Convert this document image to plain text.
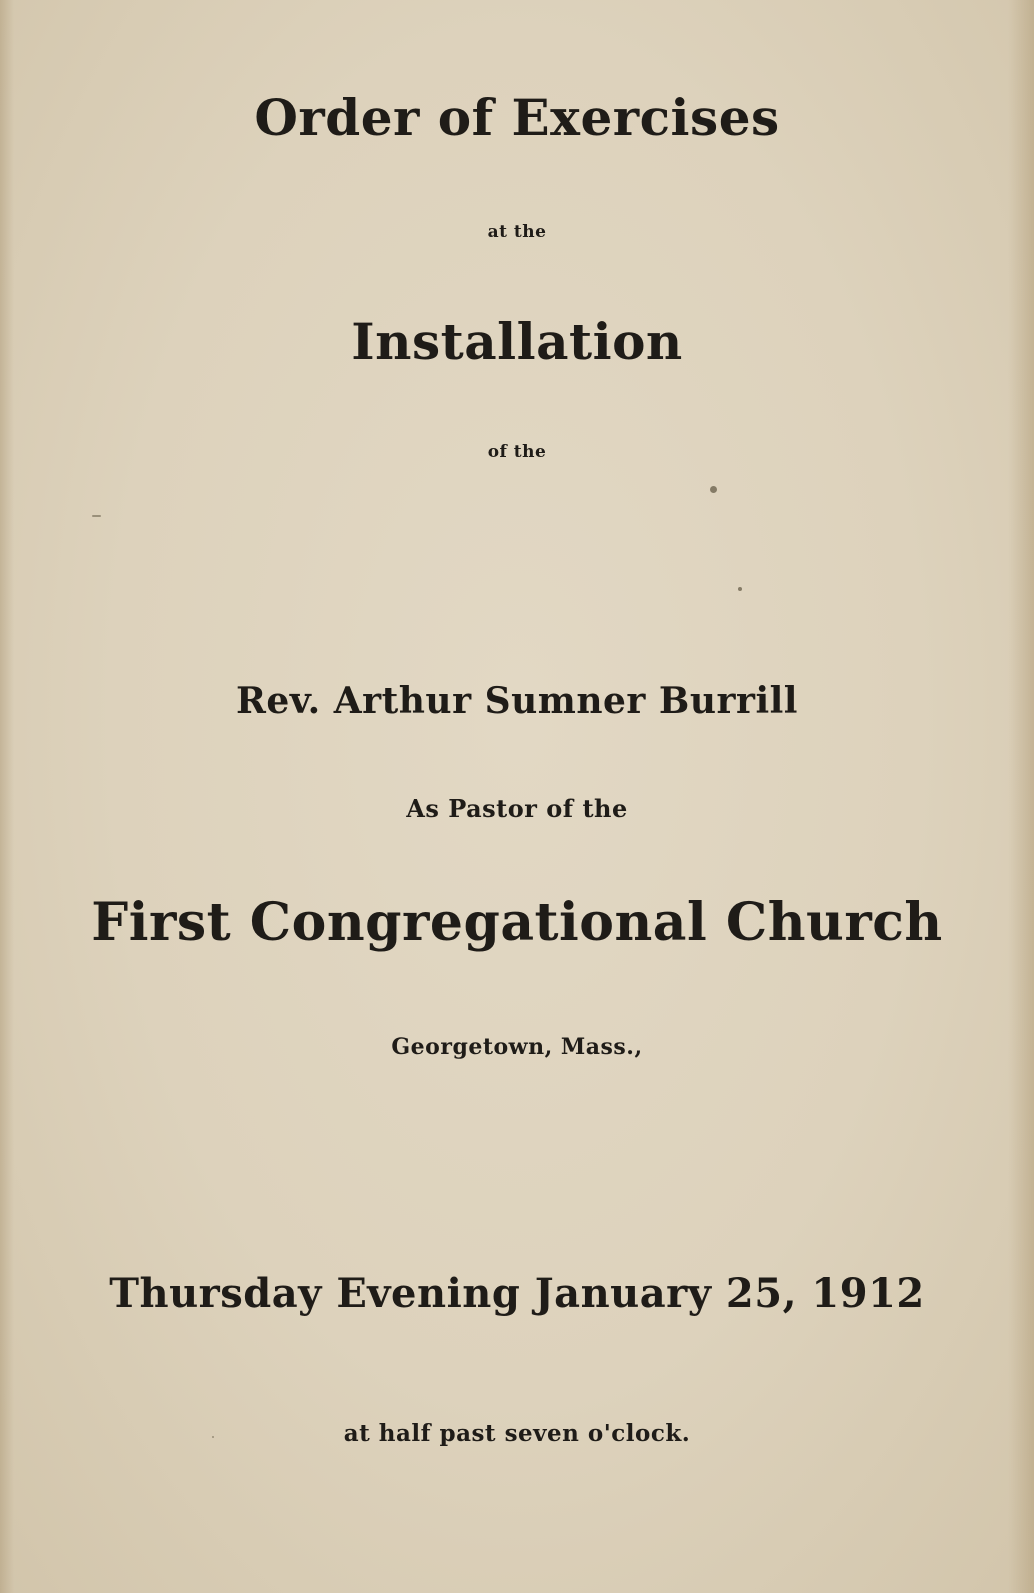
Order of Exercises
at the
Installation
of the
Rev. Arthur Sumner Burrill
As Pastor of the
First Congregational Church
Georgetown, Mass.,
Thursday Evening January 25, 1912
at half past seven o'clock.
